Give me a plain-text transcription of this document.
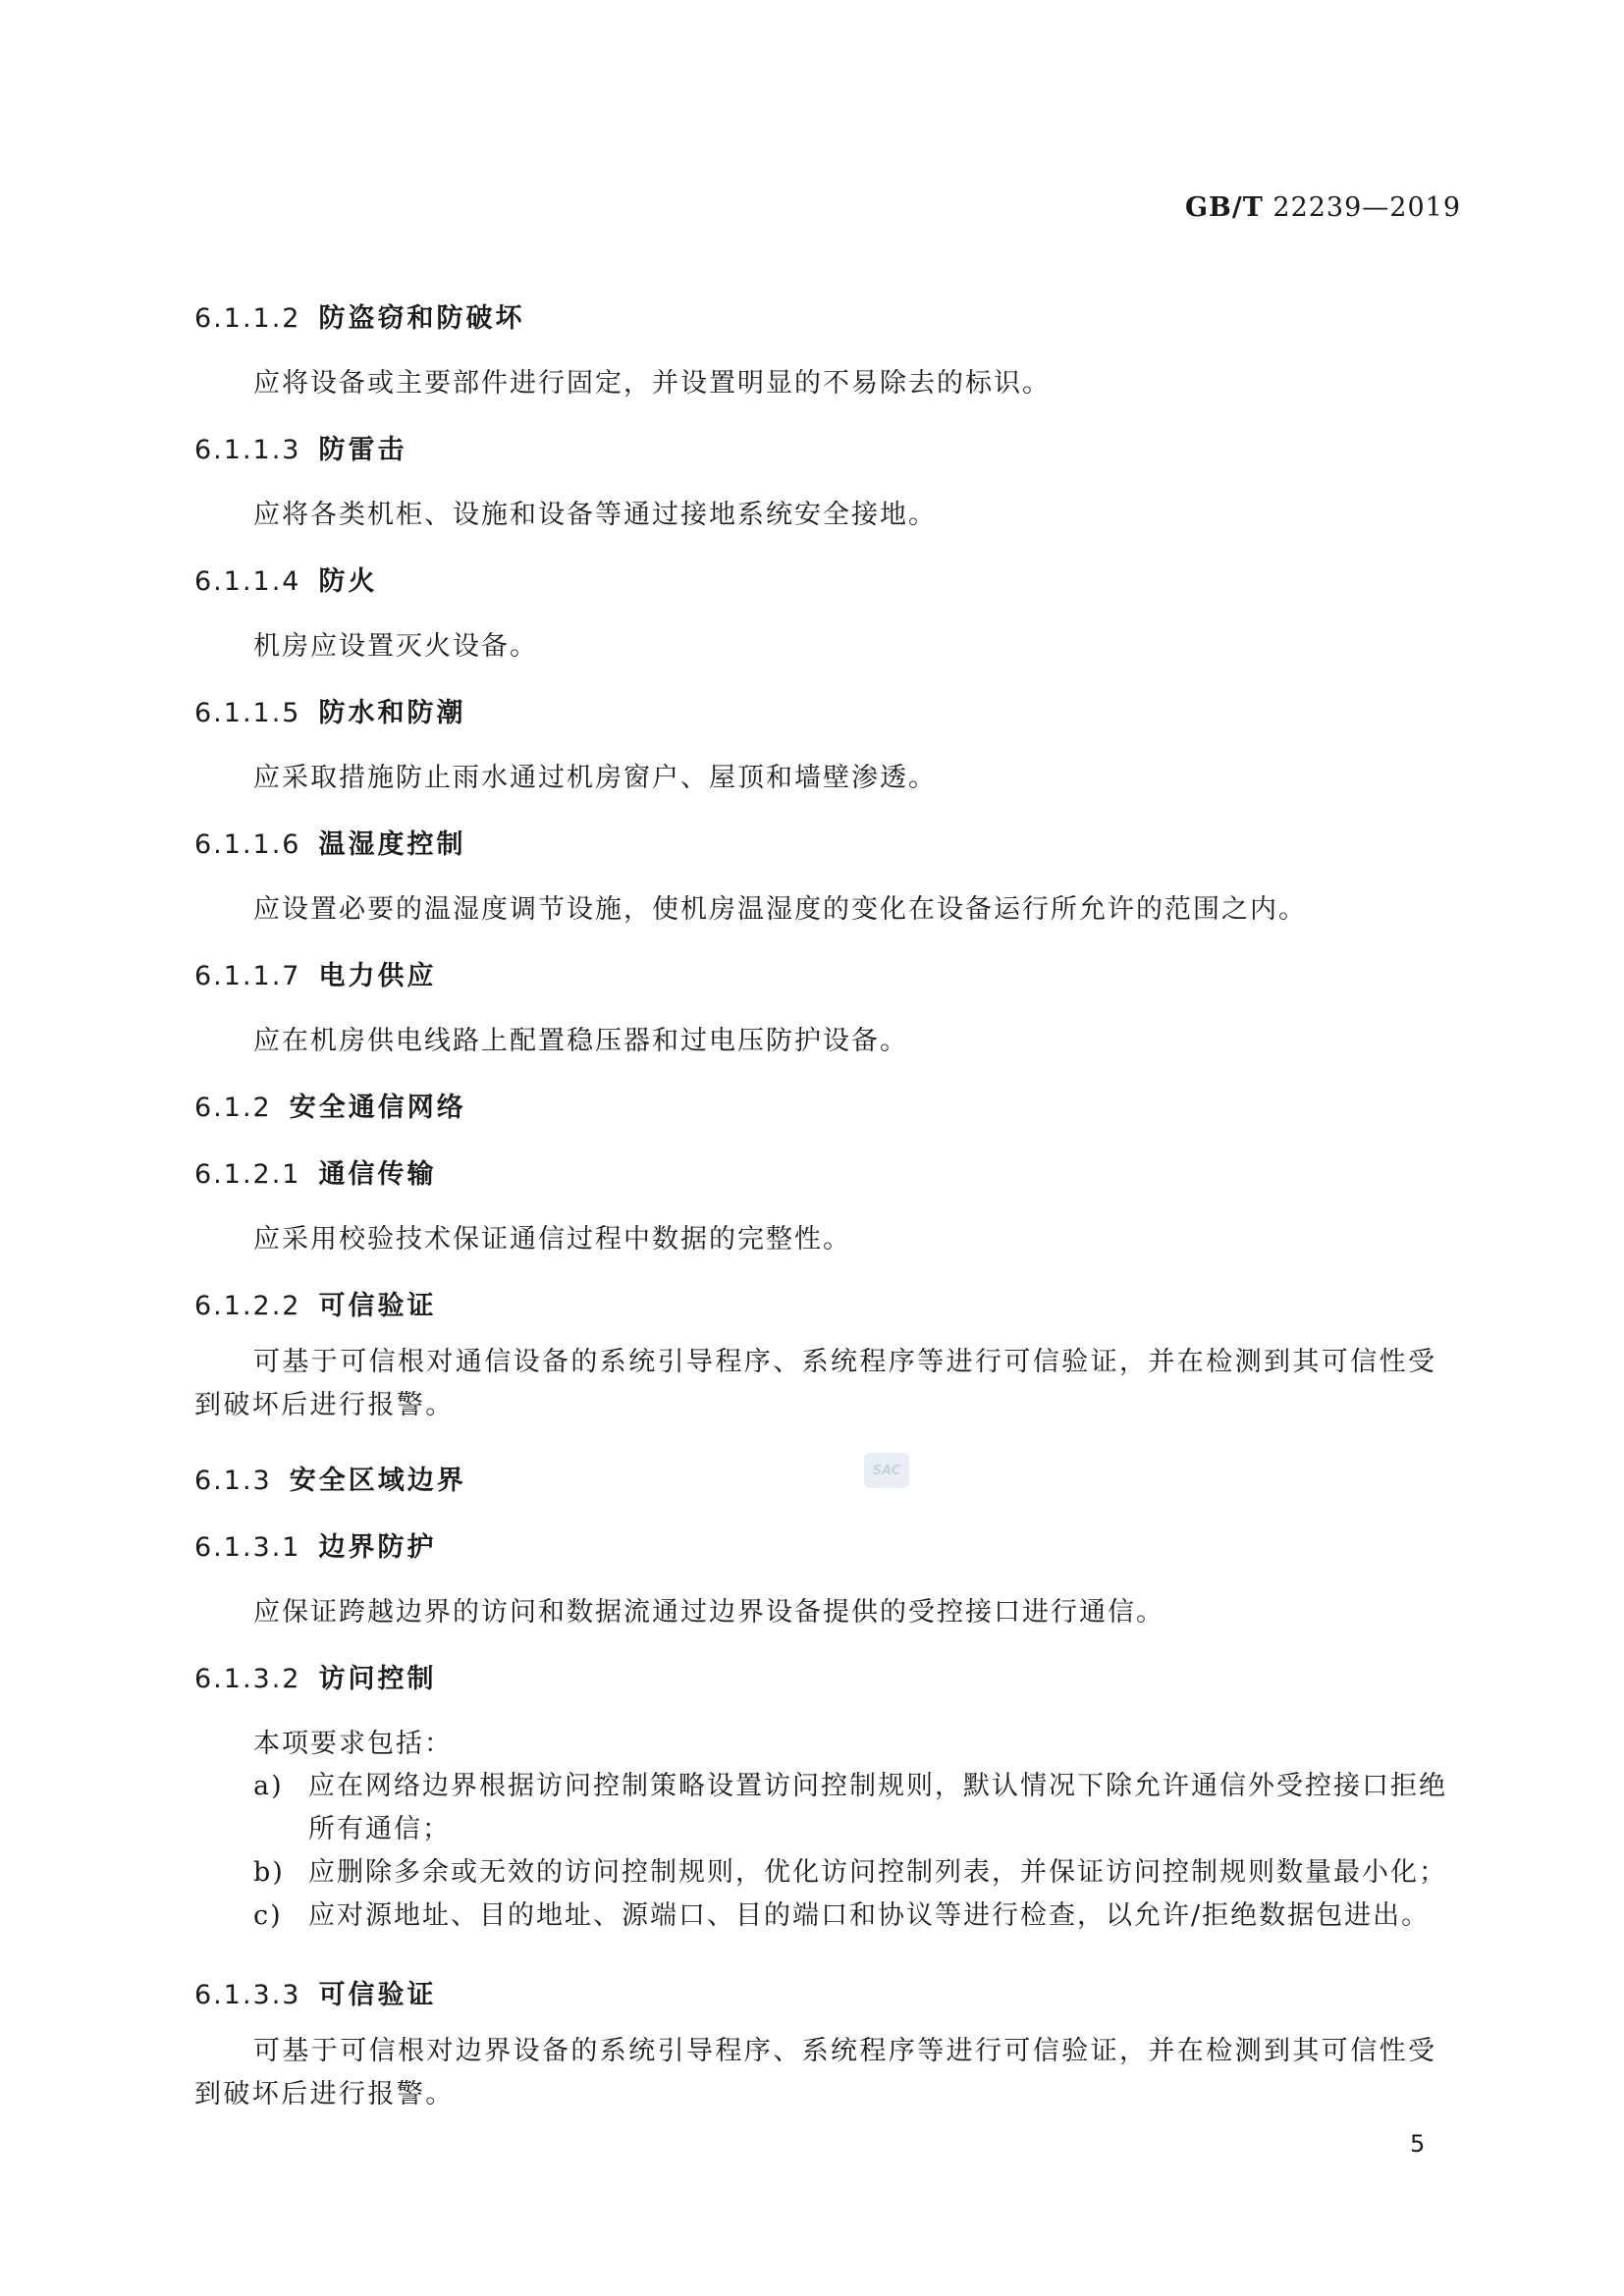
GB/T 22239—2019
6.1.1.2 防盗窃和防破坏
应将设备或主要部件进行固定，并设置明显的不易除去的标识。
6.1.1.3 防雷击
应将各类机柜、设施和设备等通过接地系统安全接地。
6.1.1.4 防火
机房应设置灭火设备。
6.1.1.5 防水和防潮
应采取措施防止雨水通过机房窗户、屋顶和墙壁渗透。
6.1.1.6 温湿度控制
应设置必要的温湿度调节设施，使机房温湿度的变化在设备运行所允许的范围之内。
6.1.1.7 电力供应
应在机房供电线路上配置稳压器和过电压防护设备。
6.1.2 安全通信网络
6.1.2.1 通信传输
应采用校验技术保证通信过程中数据的完整性。
6.1.2.2 可信验证
可基于可信根对通信设备的系统引导程序、系统程序等进行可信验证，并在检测到其可信性受到破坏后进行报警。
6.1.3 安全区域边界
6.1.3.1 边界防护
应保证跨越边界的访问和数据流通过边界设备提供的受控接口进行通信。
6.1.3.2 访问控制
本项要求包括：
a) 应在网络边界根据访问控制策略设置访问控制规则，默认情况下除允许通信外受控接口拒绝所有通信；
b) 应删除多余或无效的访问控制规则，优化访问控制列表，并保证访问控制规则数量最小化；
c) 应对源地址、目的地址、源端口、目的端口和协议等进行检查，以允许/拒绝数据包进出。
6.1.3.3 可信验证
可基于可信根对边界设备的系统引导程序、系统程序等进行可信验证，并在检测到其可信性受到破坏后进行报警。
SAC
5
